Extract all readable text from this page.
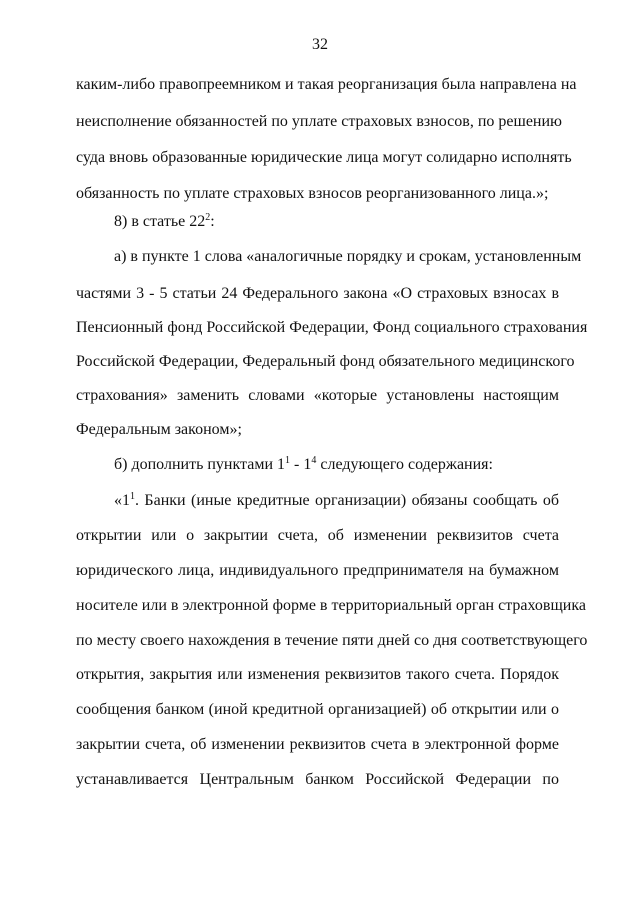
32
каким-либо правопреемником и такая реорганизация была направлена на
неисполнение обязанностей по уплате страховых взносов, по решению
суда вновь образованные юридические лица могут солидарно исполнять
обязанность по уплате страховых взносов реорганизованного лица.»;
8) в статье $22^2$:
а) в пункте 1 слова «аналогичные порядку и срокам, установленным
частями 3 - 5 статьи 24 Федерального закона «О страховых взносах в
Пенсионный фонд Российской Федерации, Фонд социального страхования
Российской Федерации, Федеральный фонд обязательного медицинского
страхования» заменить словами «которые установлены настоящим
Федеральным законом»;
б) дополнить пунктами $1^1 - 1^4$ следующего содержания:
«$1^1$. Банки (иные кредитные организации) обязаны сообщать об
открытии или о закрытии счета, об изменении реквизитов счета
юридического лица, индивидуального предпринимателя на бумажном
носителе или в электронной форме в территориальный орган страховщика
по месту своего нахождения в течение пяти дней со дня соответствующего
открытия, закрытия или изменения реквизитов такого счета. Порядок
сообщения банком (иной кредитной организацией) об открытии или о
закрытии счета, об изменении реквизитов счета в электронной форме
устанавливается Центральным банком Российской Федерации по
